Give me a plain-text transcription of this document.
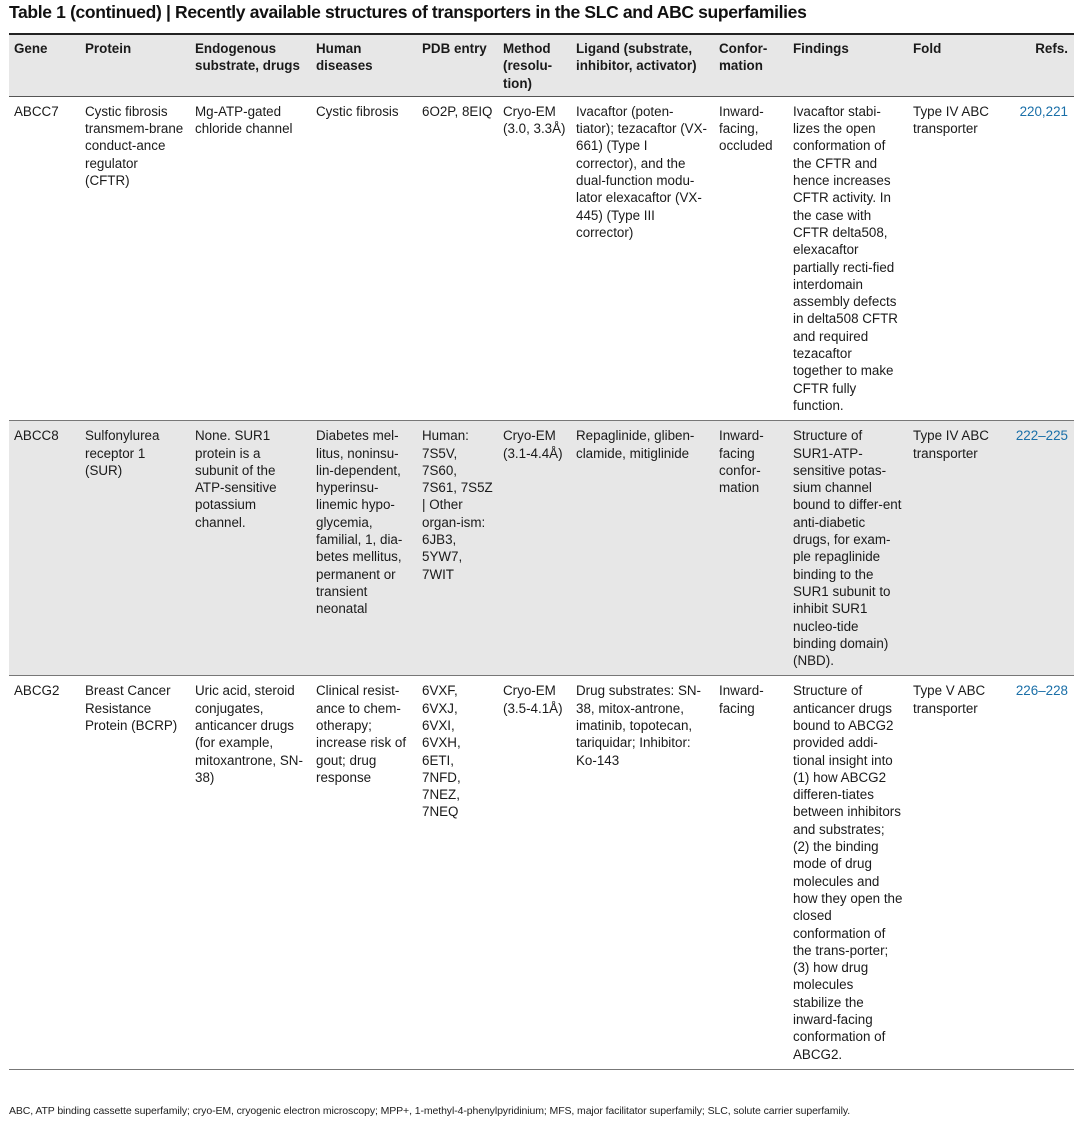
Table 1 (continued) | Recently available structures of transporters in the SLC and ABC superfamilies
Gene	Protein	Endogenous substrate, drugs	Human diseases	PDB entry	Method (resolu-tion)	Ligand (substrate, inhibitor, activator)	Confor-mation	Findings	Fold	Refs.
ABCC7	Cystic fibrosis transmem-brane conduct-ance regulator (CFTR)	Mg-ATP-gated chloride channel	Cystic fibrosis	6O2P, 8EIQ	Cryo-EM (3.0, 3.3Å)	Ivacaftor (poten-tiator); tezacaftor (VX-661) (Type I corrector), and the dual-function modu-lator elexacaftor (VX-445) (Type III corrector)	Inward-facing, occluded	Ivacaftor stabi-lizes the open conformation of the CFTR and hence increases CFTR activity. In the case with CFTR delta508, elexacaftor partially recti-fied interdomain assembly defects in delta508 CFTR and required tezacaftor together to make CFTR fully function.	Type IV ABC transporter	220,221
ABCC8	Sulfonylurea receptor 1 (SUR)	None. SUR1 protein is a subunit of the ATP-sensitive potassium channel.	Diabetes mel-litus, noninsu-lin-dependent, hyperinsu-linemic hypo-glycemia, familial, 1, dia-betes mellitus, permanent or transient neonatal	Human: 7S5V, 7S60, 7S61, 7S5Z | Other organ-ism: 6JB3, 5YW7, 7WIT	Cryo-EM (3.1-4.4Å)	Repaglinide, gliben-clamide, mitiglinide	Inward-facing confor-mation	Structure of SUR1-ATP-sensitive potas-sium channel bound to differ-ent anti-diabetic drugs, for exam-ple repaglinide binding to the SUR1 subunit to inhibit SUR1 nucleo-tide binding domain) (NBD).	Type IV ABC transporter	222–225
ABCG2	Breast Cancer Resistance Protein (BCRP)	Uric acid, steroid conjugates, anticancer drugs (for example, mitoxantrone, SN-38)	Clinical resist-ance to chem-otherapy; increase risk of gout; drug response	6VXF, 6VXJ, 6VXI, 6VXH, 6ETI, 7NFD, 7NEZ, 7NEQ	Cryo-EM (3.5-4.1Å)	Drug substrates: SN-38, mitox-antrone, imatinib, topotecan, tariquidar; Inhibitor: Ko-143	Inward-facing	Structure of anticancer drugs bound to ABCG2 provided addi-tional insight into (1) how ABCG2 differen-tiates between inhibitors and substrates; (2) the binding mode of drug molecules and how they open the closed conformation of the trans-porter; (3) how drug molecules stabilize the inward-facing conformation of ABCG2.	Type V ABC transporter	226–228
ABC, ATP binding cassette superfamily; cryo-EM, cryogenic electron microscopy; MPP+, 1-methyl-4-phenylpyridinium; MFS, major facilitator superfamily; SLC, solute carrier superfamily.
